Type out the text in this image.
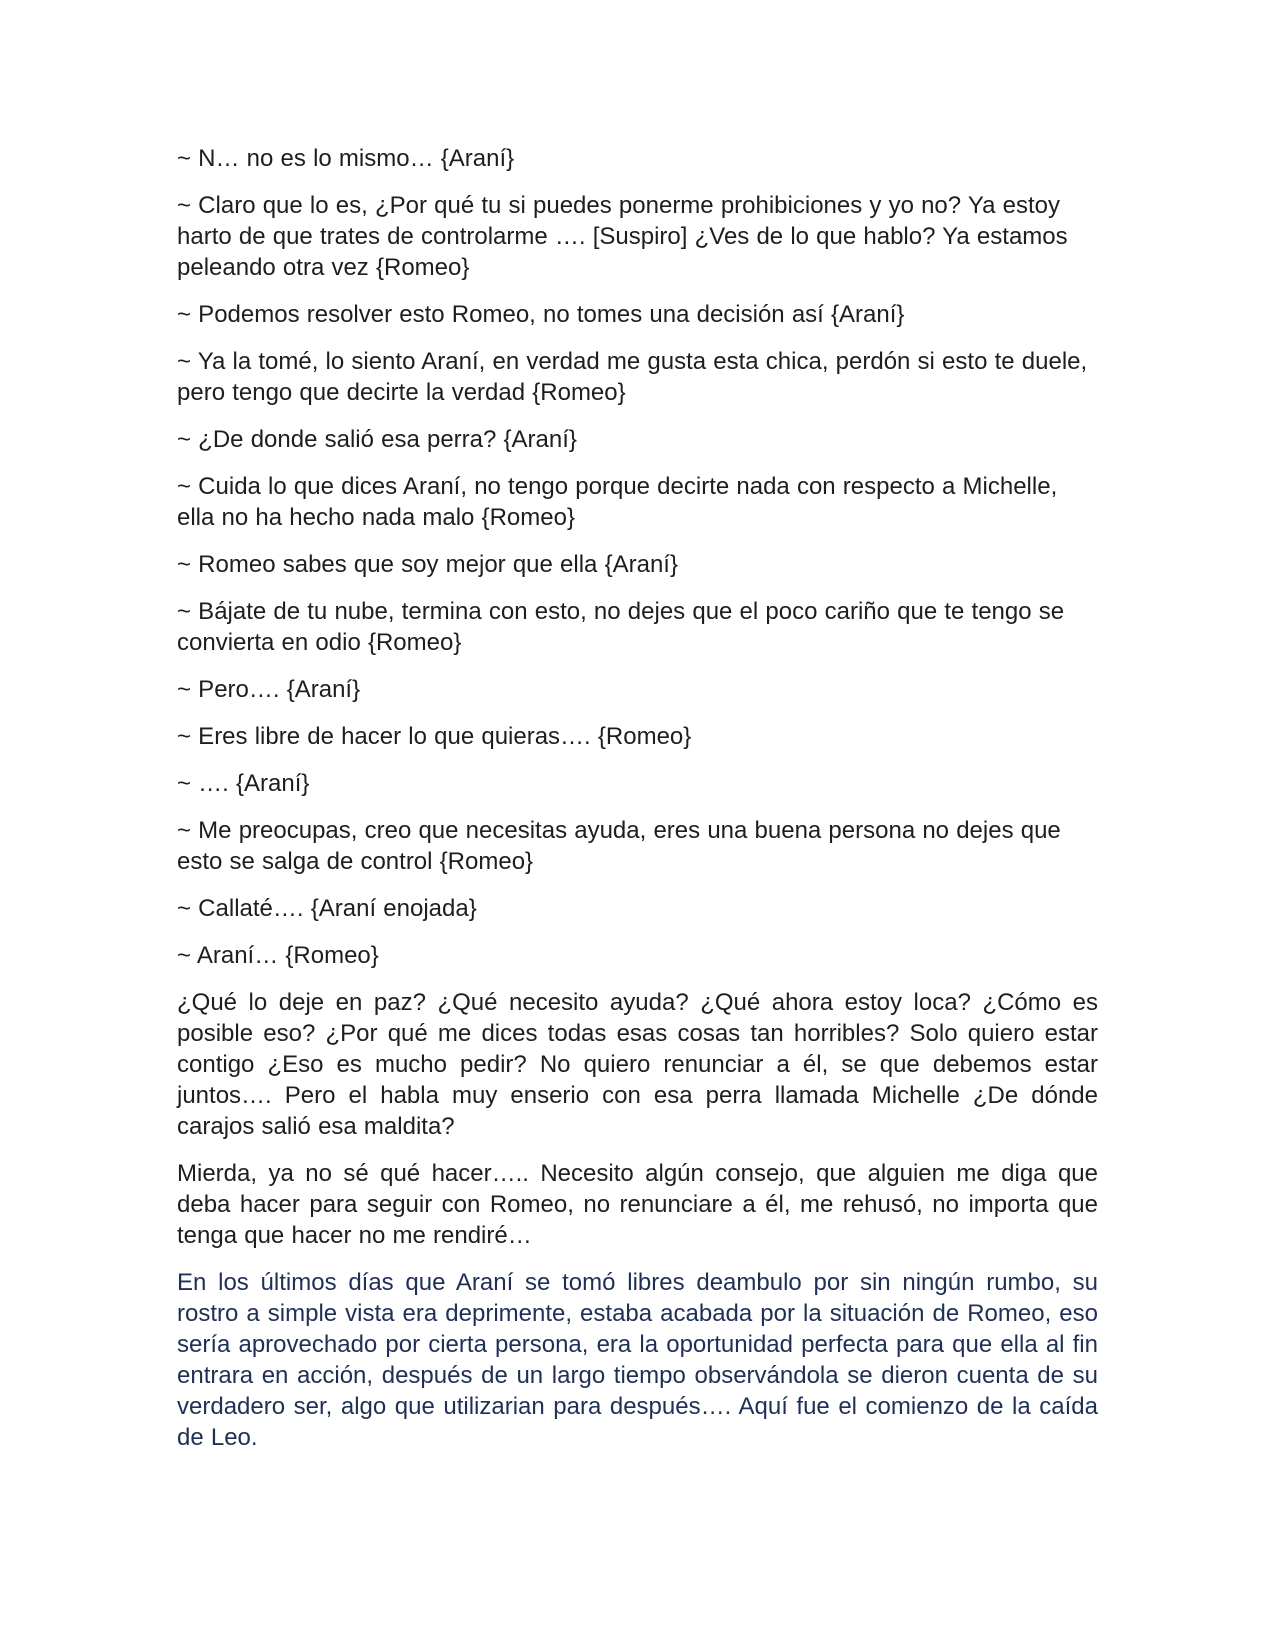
~ N… no es lo mismo… {Araní}

~ Claro que lo es, ¿Por qué tu si puedes ponerme prohibiciones y yo no? Ya estoy harto de que trates de controlarme …. [Suspiro] ¿Ves de lo que hablo? Ya estamos peleando otra vez {Romeo}

~ Podemos resolver esto Romeo, no tomes una decisión así {Araní}

~ Ya la tomé, lo siento Araní, en verdad me gusta esta chica, perdón si esto te duele, pero tengo que decirte la verdad {Romeo}

~ ¿De donde salió esa perra? {Araní}

~ Cuida lo que dices Araní, no tengo porque decirte nada con respecto a Michelle, ella no ha hecho nada malo {Romeo}

~ Romeo sabes que soy mejor que ella {Araní}

~ Bájate de tu nube, termina con esto, no dejes que el poco cariño que te tengo se convierta en odio {Romeo}

~ Pero…. {Araní}

~ Eres libre de hacer lo que quieras…. {Romeo}

~ …. {Araní}

~ Me preocupas, creo que necesitas ayuda, eres una buena persona no dejes que esto se salga de control {Romeo}

~ Callaté…. {Araní enojada}

~ Araní… {Romeo}

¿Qué lo deje en paz? ¿Qué necesito ayuda? ¿Qué ahora estoy loca? ¿Cómo es posible eso? ¿Por qué me dices todas esas cosas tan horribles? Solo quiero estar contigo ¿Eso es mucho pedir? No quiero renunciar a él, se que debemos estar juntos…. Pero el habla muy enserio con esa perra llamada Michelle ¿De dónde carajos salió esa maldita?

Mierda, ya no sé qué hacer….. Necesito algún consejo, que alguien me diga que deba hacer para seguir con Romeo, no renunciare a él, me rehusó, no importa que tenga que hacer no me rendiré…

En los últimos días que Araní se tomó libres deambulo por sin ningún rumbo, su rostro a simple vista era deprimente, estaba acabada por la situación de Romeo, eso sería aprovechado por cierta persona, era la oportunidad perfecta para que ella al fin entrara en acción, después de un largo tiempo observándola se dieron cuenta de su verdadero ser, algo que utilizarian para después…. Aquí fue el comienzo de la caída de Leo.
